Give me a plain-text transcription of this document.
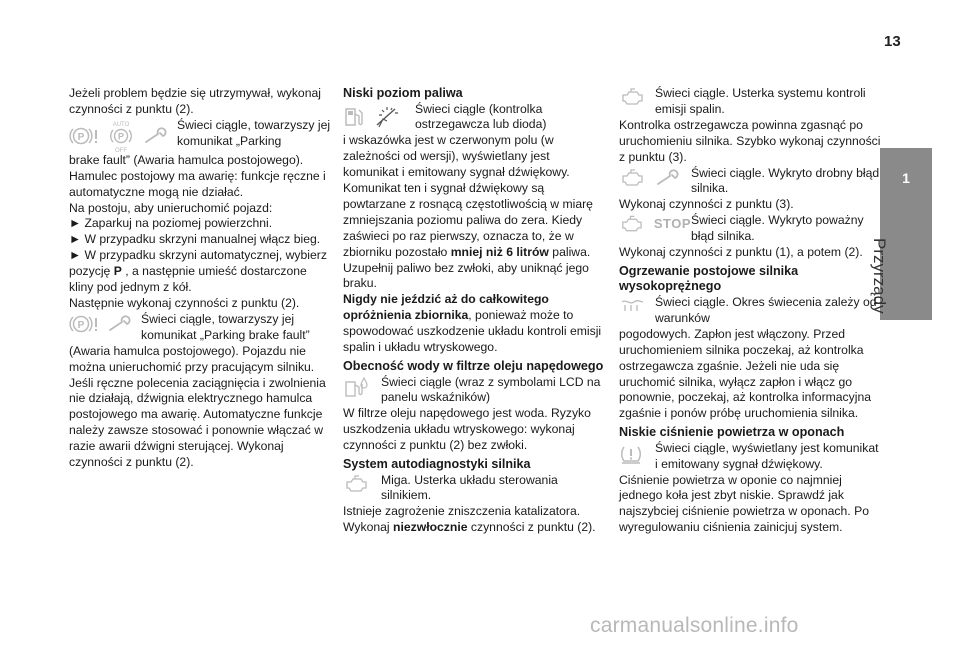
13
1
Przyrządy

Jeżeli problem będzie się utrzymywał, wykonaj czynności z punktu (2).

P
AUTO
P
OFF
Świeci ciągle, towarzyszy jej komunikat „Parking

brake fault” (Awaria hamulca postojowego). Hamulec postojowy ma awarię: funkcje ręczne i automatyczne mogą nie działać.

Na postoju, aby unieruchomić pojazd:

► Zaparkuj na poziomej powierzchni.

► W przypadku skrzyni manualnej włącz bieg.

► W przypadku skrzyni automatycznej, wybierz pozycję P , a następnie umieść dostarczone kliny pod jednym z kół.

Następnie wykonaj czynności z punktu (2).

P	Świeci ciągle, towarzyszy jej komunikat „Parking brake fault”

(Awaria hamulca postojowego). Pojazdu nie można unieruchomić przy pracującym silniku. Jeśli ręczne polecenia zaciągnięcia i zwolnienia nie działają, dźwignia elektrycznego hamulca postojowego ma awarię. Automatyczne funkcje należy zawsze stosować i ponownie włączać w razie awarii dźwigni sterującej. Wykonaj czynności z punktu (2).

Niski poziom paliwa
Świeci ciągle (kontrolka ostrzegawcza lub dioda)

i wskazówka jest w czerwonym polu (w zależności od wersji), wyświetlany jest komunikat i emitowany sygnał dźwiękowy. Komunikat ten i sygnał dźwiękowy są powtarzane z rosnącą częstotliwością w miarę zmniejszania poziomu paliwa do zera. Kiedy zaświeci po raz pierwszy, oznacza to, że w zbiorniku pozostało mniej niż 6 litrów paliwa. Uzupełnij paliwo bez zwłoki, aby uniknąć jego braku.

Nigdy nie jeździć aż do całkowitego opróżnienia zbiornika, ponieważ może to spowodować uszkodzenie układu kontroli emisji spalin i układu wtryskowego.

Obecność wody w filtrze oleju napędowego
Świeci ciągle (wraz z symbolami LCD na panelu wskaźników)

W filtrze oleju napędowego jest woda. Ryzyko uszkodzenia układu wtryskowego: wykonaj czynności z punktu (2) bez zwłoki.

System autodiagnostyki silnika
Miga. Usterka układu sterowania silnikiem.

Istnieje zagrożenie zniszczenia katalizatora. Wykonaj niezwłocznie czynności z punktu (2).

Świeci ciągle. Usterka systemu kontroli emisji spalin.

Kontrolka ostrzegawcza powinna zgasnąć po uruchomieniu silnika. Szybko wykonaj czynności z punktu (3).

Świeci ciągle. Wykryto drobny błąd silnika.

Wykonaj czynności z punktu (3).

STOP Świeci ciągle. Wykryto poważny błąd silnika.

Wykonaj czynności z punktu (1), a potem (2).

Ogrzewanie postojowe silnika wysokoprężnego
Świeci ciągle. Okres świecenia zależy od warunków

pogodowych. Zapłon jest włączony. Przed uruchomieniem silnika poczekaj, aż kontrolka ostrzegawcza zgaśnie. Jeżeli nie uda się uruchomić silnika, wyłącz zapłon i włącz go ponownie, poczekaj, aż kontrolka informacyjna zgaśnie i ponów próbę uruchomienia silnika.

Niskie ciśnienie powietrza w oponach
Świeci ciągle, wyświetlany jest komunikat i emitowany sygnał dźwiękowy.

Ciśnienie powietrza w oponie co najmniej jednego koła jest zbyt niskie. Sprawdź jak najszybciej ciśnienie powietrza w oponach. Po wyregulowaniu ciśnienia zainicjuj system.

carmanualsonline.info
